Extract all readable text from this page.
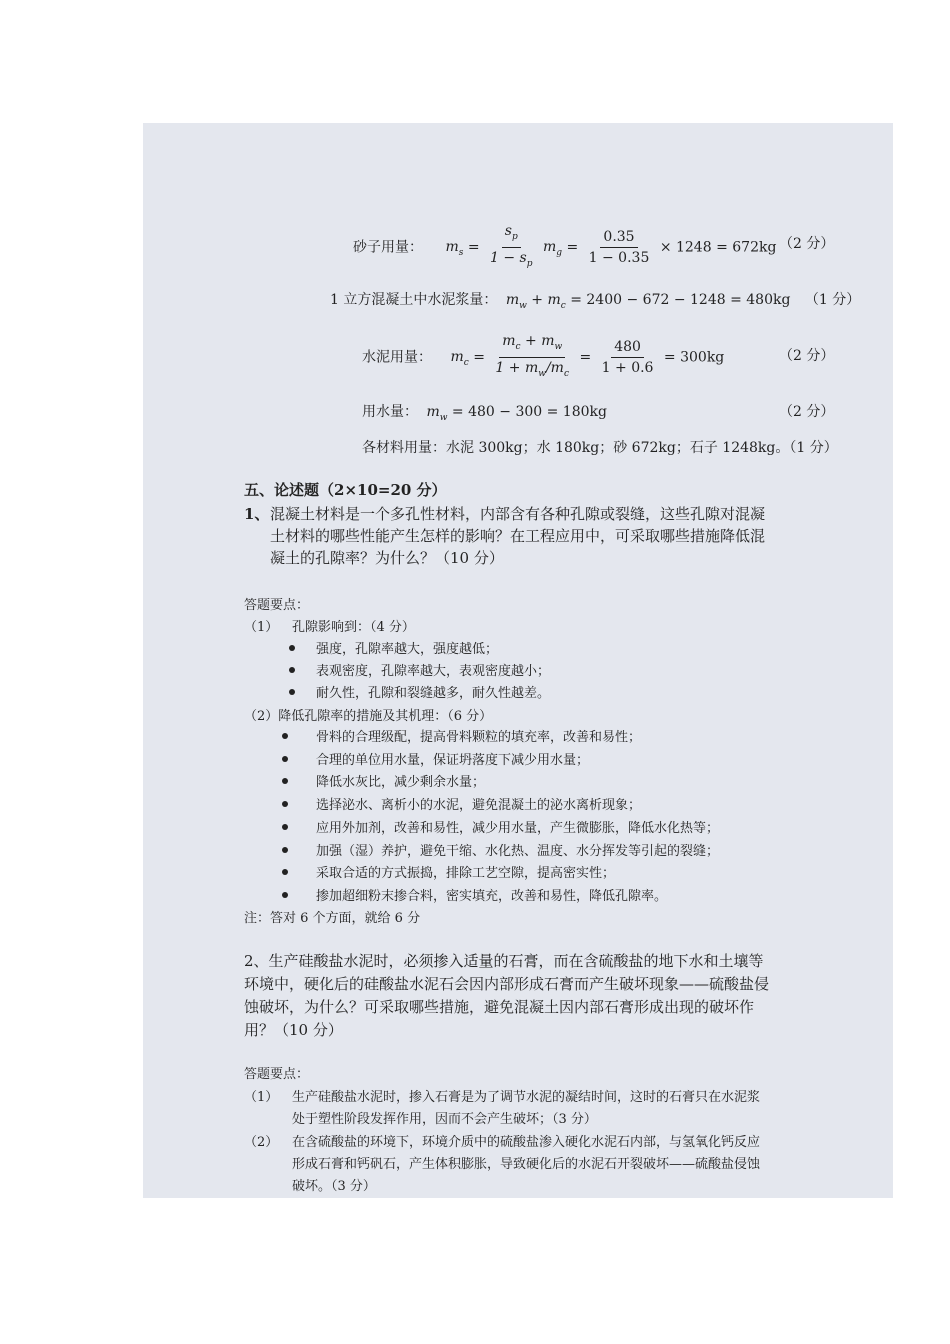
砂子用量： $m_s = \frac{s_p}{1 - s_p} m_g = \frac{0.35}{1 - 0.35} \times 1248 = 672kg$ （2 分）
1 立方混凝土中水泥浆量： $m_w + m_c = 2400 - 672 - 1248 = 480kg$ （1 分）
水泥用量： $m_c = \frac{m_c + m_w}{1 + m_w/m_c} = \frac{480}{1 + 0.6} = 300kg$	（2 分）
用水量： $m_w = 480 - 300 = 180kg$	（2 分）
各材料用量：水泥 300kg；水 180kg；砂 672kg；石子 1248kg。（1 分）
五、论述题（2×10=20 分）
1、 混凝土材料是一个多孔性材料，内部含有各种孔隙或裂缝，这些孔隙对混凝
土材料的哪些性能产生怎样的影响？在工程应用中，可采取哪些措施降低混
凝土的孔隙率？为什么？（10 分）
答题要点：
（1） 孔隙影响到：（4 分）
强度，孔隙率越大，强度越低；
表观密度，孔隙率越大，表观密度越小；
耐久性，孔隙和裂缝越多，耐久性越差。
（2）降低孔隙率的措施及其机理：（6 分）
骨料的合理级配，提高骨料颗粒的填充率，改善和易性；
合理的单位用水量，保证坍落度下减少用水量；
降低水灰比，减少剩余水量；
选择泌水、离析小的水泥，避免混凝土的泌水离析现象；
应用外加剂，改善和易性，减少用水量，产生微膨胀，降低水化热等；
加强（湿）养护，避免干缩、水化热、温度、水分挥发等引起的裂缝；
采取合适的方式振捣，排除工艺空隙，提高密实性；
掺加超细粉末掺合料，密实填充，改善和易性，降低孔隙率。
注：答对 6 个方面，就给 6 分
2、生产硅酸盐水泥时，必须掺入适量的石膏，而在含硫酸盐的地下水和土壤等
环境中，硬化后的硅酸盐水泥石会因内部形成石膏而产生破坏现象——硫酸盐侵
蚀破坏，为什么？可采取哪些措施，避免混凝土因内部石膏形成出现的破坏作
用？（10 分）
答题要点：
（1） 生产硅酸盐水泥时，掺入石膏是为了调节水泥的凝结时间，这时的石膏只在水泥浆
处于塑性阶段发挥作用，因而不会产生破坏；（3 分）
（2） 在含硫酸盐的环境下，环境介质中的硫酸盐渗入硬化水泥石内部，与氢氧化钙反应
形成石膏和钙矾石，产生体积膨胀，导致硬化后的水泥石开裂破坏——硫酸盐侵蚀
破坏。（3 分）
